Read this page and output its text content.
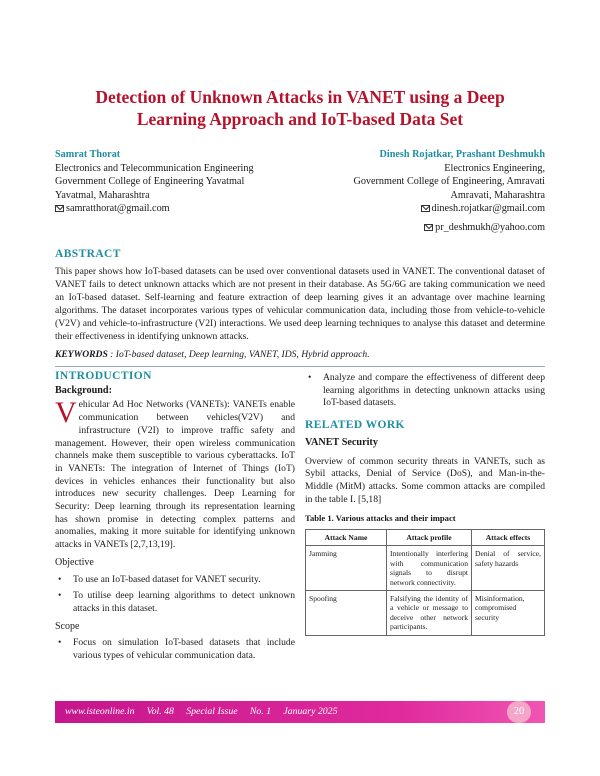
Detection of Unknown Attacks in VANET using a Deep
Learning Approach and IoT-based Data Set
Samrat Thorat
Electronics and Telecommunication Engineering
Government College of Engineering Yavatmal
Yavatmal, Maharashtra
samratthorat@gmail.com
Dinesh Rojatkar, Prashant Deshmukh
Electronics Engineering,
Government College of Engineering, Amravati
Amravati, Maharashtra
dinesh.rojatkar@gmail.com
pr_deshmukh@yahoo.com
ABSTRACT

This paper shows how IoT-based datasets can be used over conventional datasets used in VANET. The conventional dataset of VANET fails to detect unknown attacks which are not present in their database. As 5G/6G are taking communication we need an IoT-based dataset. Self-learning and feature extraction of deep learning gives it an advantage over machine learning algorithms. The dataset incorporates various types of vehicular communication data, including those from vehicle-to-vehicle (V2V) and vehicle-to-infrastructure (V2I) interactions. We used deep learning techniques to analyse this dataset and determine their effectiveness in identifying unknown attacks.

KEYWORDS : IoT-based dataset, Deep learning, VANET, IDS, Hybrid approach.
INTRODUCTION
Background:

Vehicular Ad Hoc Networks (VANETs): VANETs enable communication between vehicles(V2V) and infrastructure (V2I) to improve traffic safety and management. However, their open wireless communication channels make them susceptible to various cyberattacks. IoT in VANETs: The integration of Internet of Things (IoT) devices in vehicles enhances their functionality but also introduces new security challenges. Deep Learning for Security: Deep learning through its representation learning has shown promise in detecting complex patterns and anomalies, making it more suitable for identifying unknown attacks in VANETs [2,7,13,19].

Objective
• To use an IoT-based dataset for VANET security.
• To utilise deep learning algorithms to detect unknown attacks in this dataset.
Scope
• Focus on simulation IoT-based datasets that include various types of vehicular communication data.
• Analyze and compare the effectiveness of different deep learning algorithms in detecting unknown attacks using IoT-based datasets.
RELATED WORK
VANET Security

Overview of common security threats in VANETs, such as Sybil attacks, Denial of Service (DoS), and Man-in-the-Middle (MitM) attacks. Some common attacks are compiled in the table I. [5,18]

Table 1. Various attacks and their impact
Attack Name	Attack profile	Attack effects
Jamming	Intentionally interfering with communication signals to disrupt network connectivity.	Denial of service, safety hazards
Spoofing	Falsifying the identity of a vehicle or message to deceive other network participants.	Misinformation, compromised security
www.isteonline.in     Vol. 48     Special Issue     No. 1     January 2025	20
